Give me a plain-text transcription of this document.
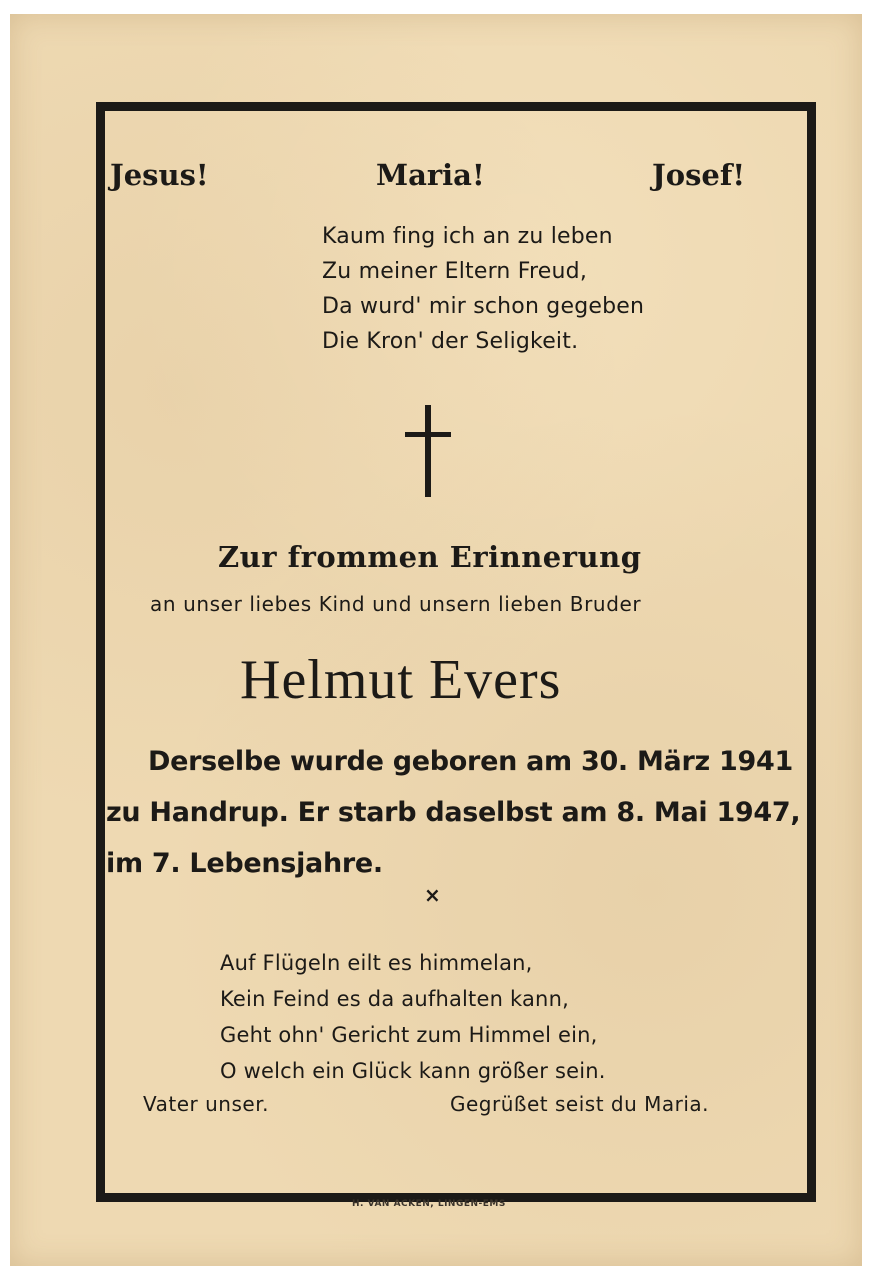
Jesus!	Maria!	Josef!

Kaum fing ich an zu leben
Zu meiner Eltern Freud,
Da wurd' mir schon gegeben
Die Kron' der Seligkeit.

Zur frommen Erinnerung

an unser liebes Kind und unsern lieben Bruder

Helmut Evers

Derselbe wurde geboren am 30. März 1941
zu Handrup. Er starb daselbst am 8. Mai 1947,
im 7. Lebensjahre.

×

Auf Flügeln eilt es himmelan,
Kein Feind es da aufhalten kann,
Geht ohn' Gericht zum Himmel ein,
O welch ein Glück kann größer sein.

Vater unser.	Gegrüßet seist du Maria.

H. VAN ACKEN, LINGEN-EMS
